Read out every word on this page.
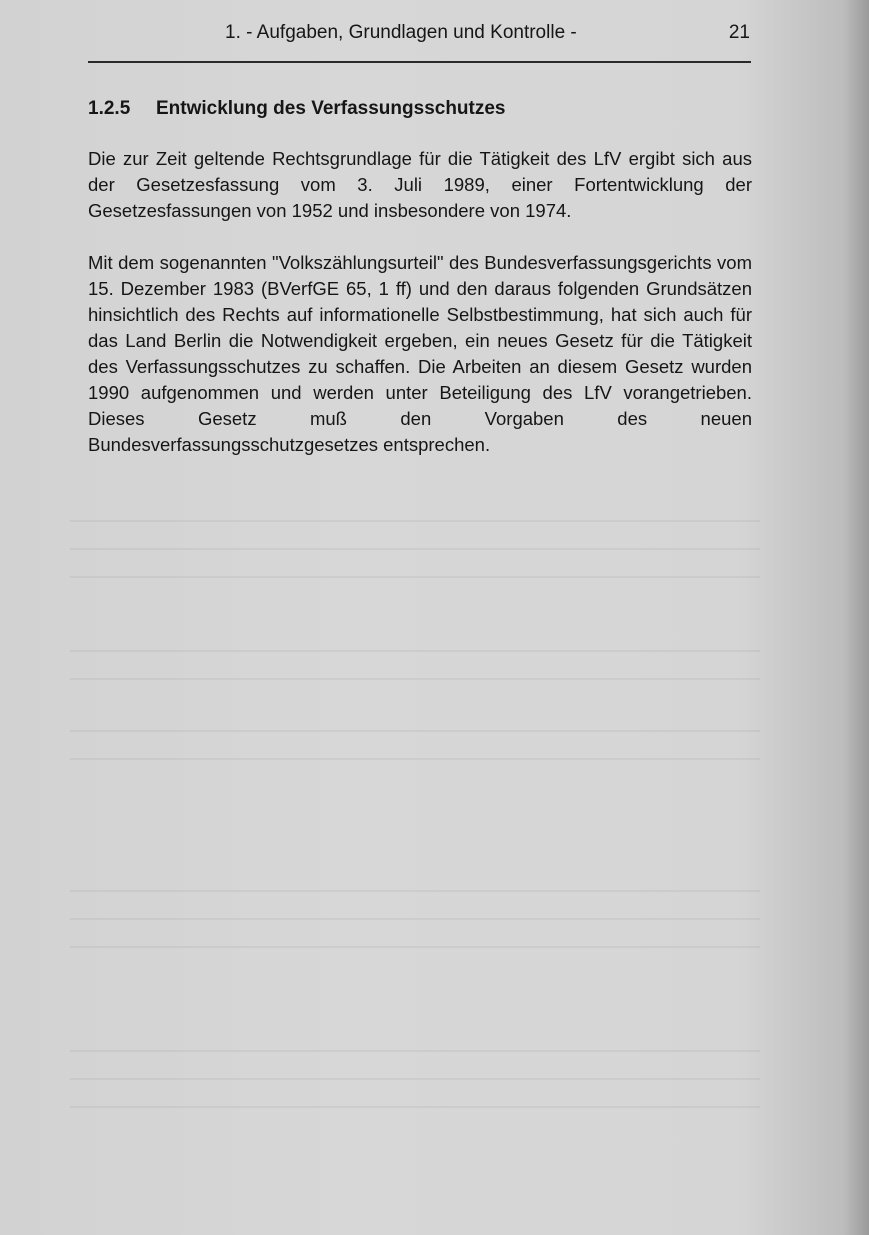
1. - Aufgaben, Grundlagen und Kontrolle -	21
1.2.5 Entwicklung des Verfassungsschutzes

Die zur Zeit geltende Rechtsgrundlage für die Tätigkeit des LfV ergibt sich aus der Gesetzesfassung vom 3. Juli 1989, einer Fortentwicklung der Gesetzesfassungen von 1952 und insbesondere von 1974.

Mit dem sogenannten "Volkszählungsurteil" des Bundesverfassungsgerichts vom 15. Dezember 1983 (BVerfGE 65, 1 ff) und den daraus folgenden Grundsätzen hinsichtlich des Rechts auf informationelle Selbstbestimmung, hat sich auch für das Land Berlin die Notwendigkeit ergeben, ein neues Gesetz für die Tätigkeit des Verfassungsschutzes zu schaffen. Die Arbeiten an diesem Gesetz wurden 1990 aufgenommen und werden unter Beteiligung des LfV vorangetrieben. Dieses Gesetz muß den Vorgaben des neuen Bundesverfassungsschutzgesetzes entsprechen.
